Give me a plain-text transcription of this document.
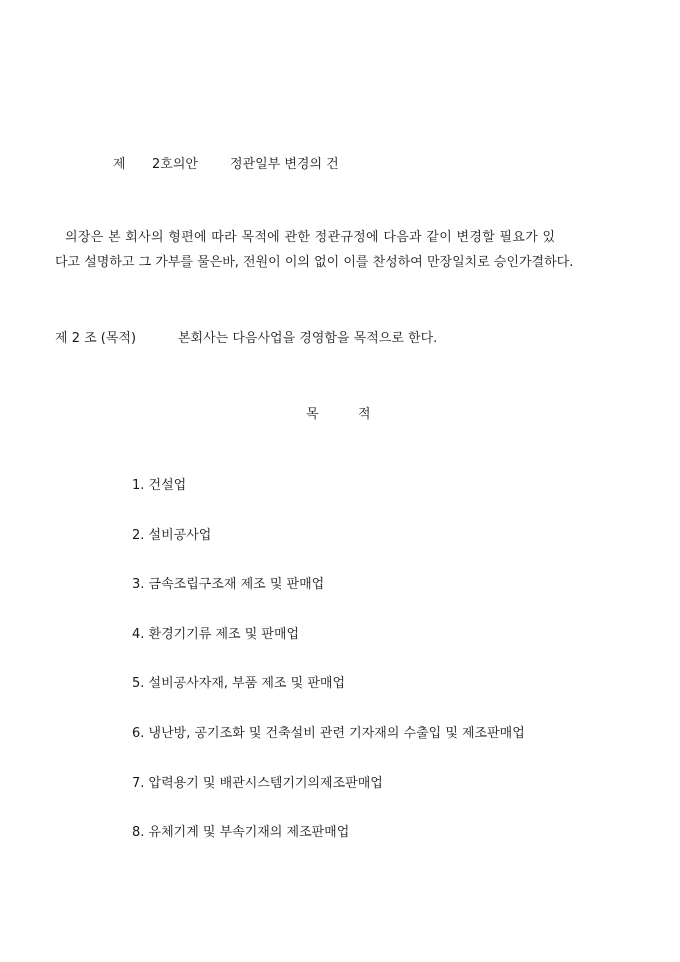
제 2호의안 정관일부 변경의 건
의장은 본 회사의 형편에 따라 목적에 관한 정관규정에 다음과 같이 변경할 필요가 있
다고 설명하고 그 가부를 물은바, 전원이 이의 없이 이를 찬성하여 만장일치로 승인가결하다.
제 2 조 (목적)	본회사는 다음사업을 경영함을 목적으로 한다.
목	적
1. 건설업
2. 설비공사업
3. 금속조립구조재 제조 및 판매업
4. 환경기기류 제조 및 판매업
5. 설비공사자재, 부품 제조 및 판매업
6. 냉난방, 공기조화 및 건축설비 관련 기자재의 수출입 및 제조판매업
7. 압력용기 및 배관시스템기기의제조판매업
8. 유체기계 및 부속기재의 제조판매업
